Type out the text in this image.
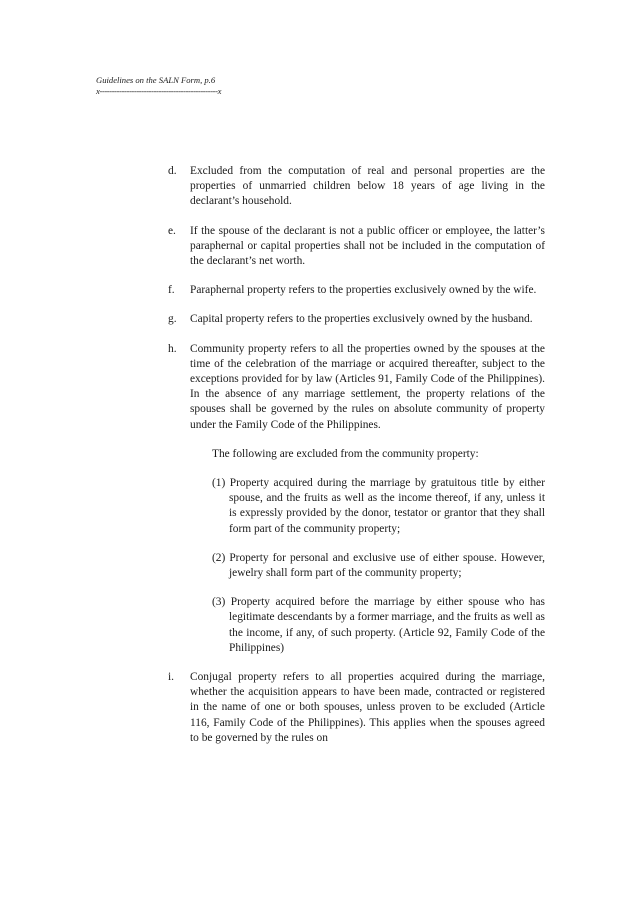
Guidelines on the SALN Form, p.6
x------------------------------------------------x
d.	Excluded from the computation of real and personal properties are the properties of unmarried children below 18 years of age living in the declarant’s household.
e.	If the spouse of the declarant is not a public officer or employee, the latter’s paraphernal or capital properties shall not be included in the computation of the declarant’s net worth.
f.	Paraphernal property refers to the properties exclusively owned by the wife.
g.	Capital property refers to the properties exclusively owned by the husband.
h.	Community property refers to all the properties owned by the spouses at the time of the celebration of the marriage or acquired thereafter, subject to the exceptions provided for by law (Articles 91, Family Code of the Philippines). In the absence of any marriage settlement, the property relations of the spouses shall be governed by the rules on absolute community of property under the Family Code of the Philippines.
The following are excluded from the community property:
(1) Property acquired during the marriage by gratuitous title by either spouse, and the fruits as well as the income thereof, if any, unless it is expressly provided by the donor, testator or grantor that they shall form part of the community property;
(2) Property for personal and exclusive use of either spouse. However, jewelry shall form part of the community property;
(3) Property acquired before the marriage by either spouse who has legitimate descendants by a former marriage, and the fruits as well as the income, if any, of such property. (Article 92, Family Code of the Philippines)
i.	Conjugal property refers to all properties acquired during the marriage, whether the acquisition appears to have been made, contracted or registered in the name of one or both spouses, unless proven to be excluded (Article 116, Family Code of the Philippines). This applies when the spouses agreed to be governed by the rules on
